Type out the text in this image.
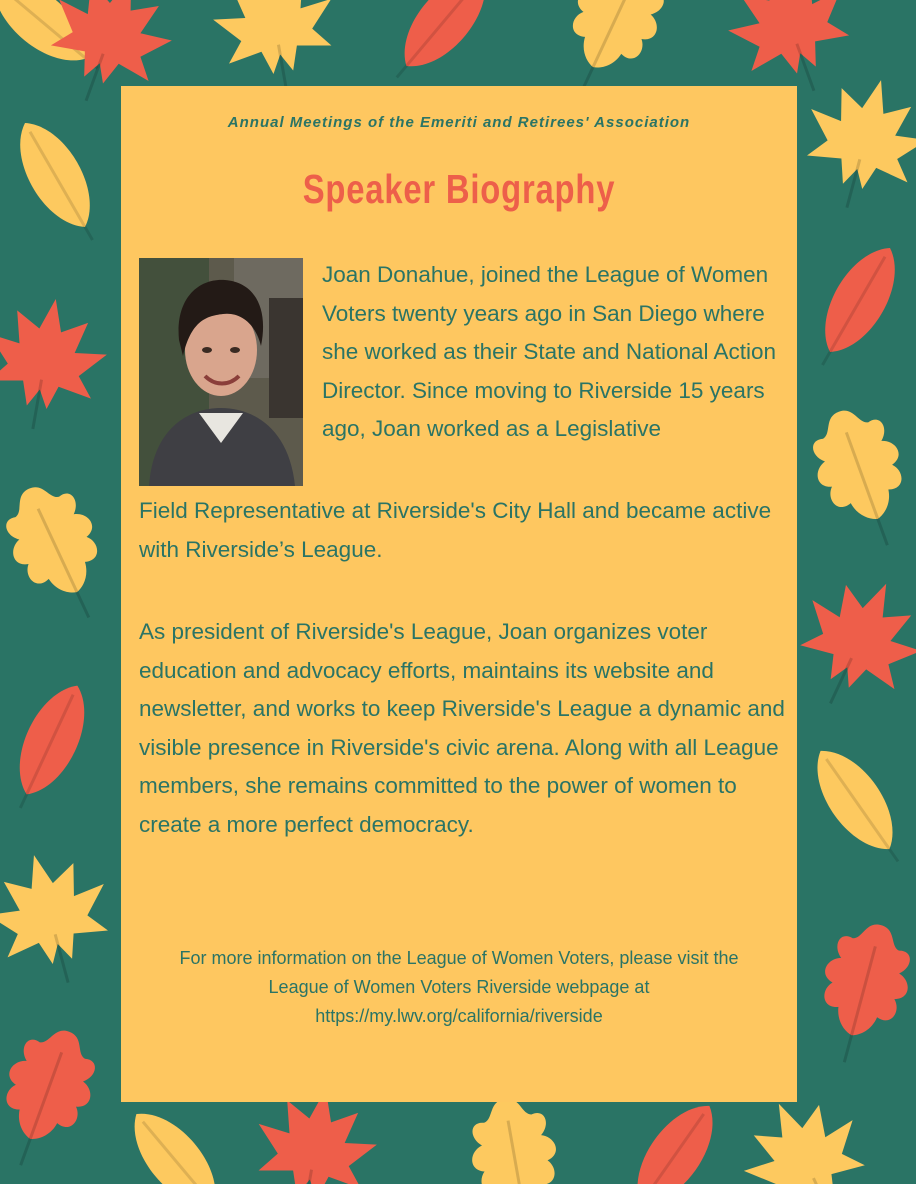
Annual Meetings of the Emeriti and Retirees' Association
Speaker Biography

Joan Donahue, joined the League of Women Voters twenty years ago in San Diego where she worked as their State and National Action Director. Since moving to Riverside 15 years ago, Joan worked as a Legislative

Field Representative at Riverside's City Hall and became active with Riverside’s League.

As president of Riverside's League, Joan organizes voter education and advocacy efforts, maintains its website and newsletter, and works to keep Riverside's League a dynamic and visible presence in Riverside's civic arena. Along with all League members, she remains committed to the power of women to create a more perfect democracy.

For more information on the League of Women Voters, please visit the League of Women Voters Riverside webpage at https://my.lwv.org/california/riverside
